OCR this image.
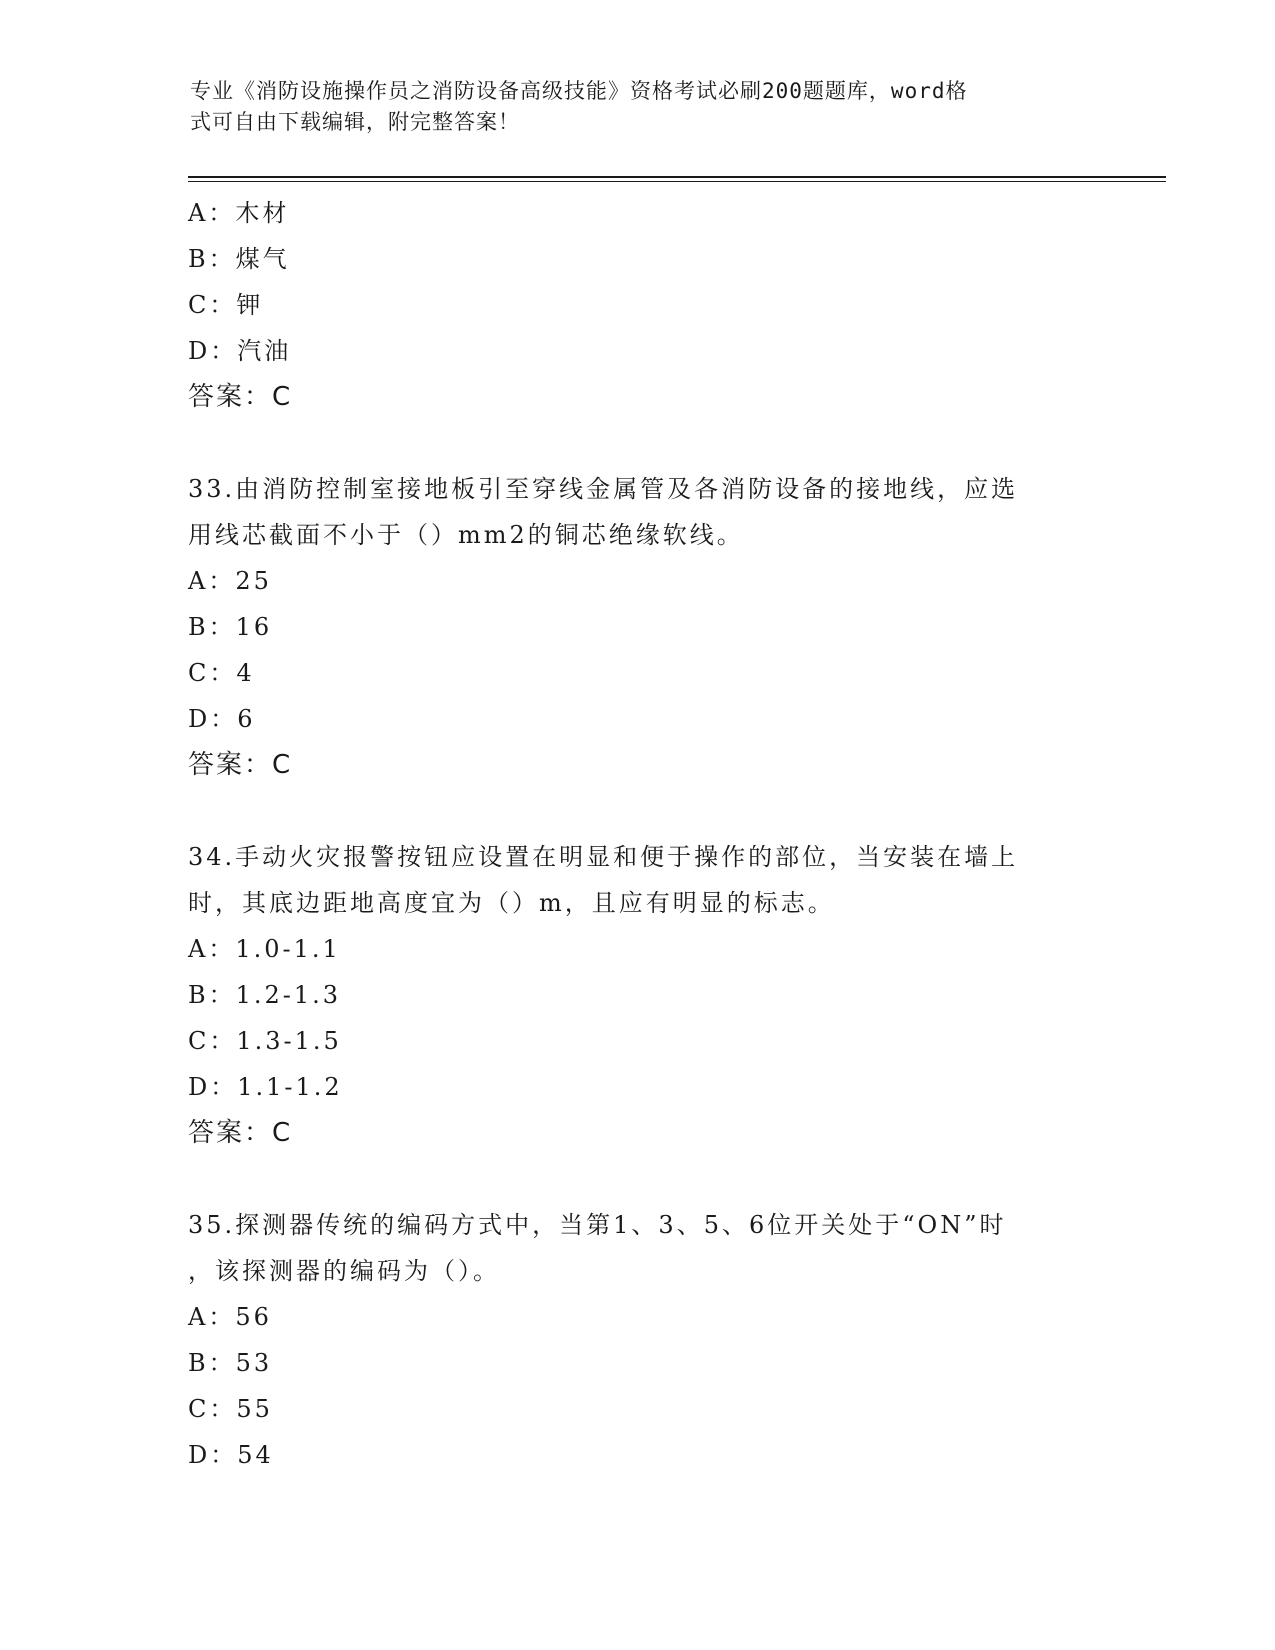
专业《消防设施操作员之消防设备高级技能》资格考试必刷200题题库，word格
式可自由下载编辑，附完整答案！
A：木材
B：煤气
C：钾
D：汽油
答案：C
33.由消防控制室接地板引至穿线金属管及各消防设备的接地线，应选
用线芯截面不小于（）mm2的铜芯绝缘软线。
A：25
B：16
C：4
D：6
答案：C
34.手动火灾报警按钮应设置在明显和便于操作的部位，当安装在墙上
时，其底边距地高度宜为（）m，且应有明显的标志。
A：1.0-1.1
B：1.2-1.3
C：1.3-1.5
D：1.1-1.2
答案：C
35.探测器传统的编码方式中，当第1、3、5、6位开关处于“ON”时
，该探测器的编码为（）。
A：56
B：53
C：55
D：54
